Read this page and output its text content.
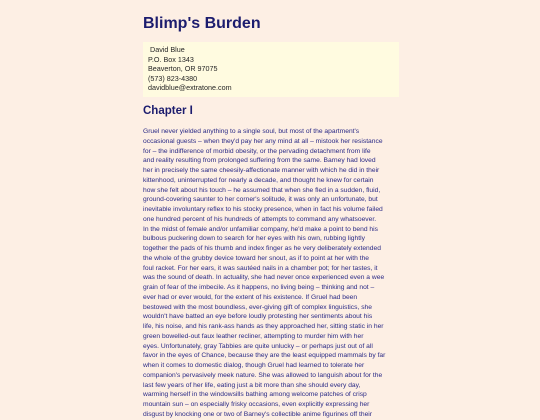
Blimp's Burden
David Blue
P.O. Box 1343
Beaverton, OR 97075
(573) 823-4380
davidblue@extratone.com
Chapter I
Gruel never yielded anything to a single soul, but most of the apartment's
occasional guests – when they'd pay her any mind at all – mistook her resistance
for – the indifference of morbid obesity, or the pervading detachment from life
and reality resulting from prolonged suffering from the same. Barney had loved
her in precisely the same cheesily-affectionate manner with which he did in their
kittenhood, uninterrupted for nearly a decade, and thought he knew for certain
how she felt about his touch – he assumed that when she fled in a sudden, fluid,
ground-covering saunter to her corner's solitude, it was only an unfortunate, but
inevitable involuntary reflex to his stocky presence, when in fact his volume failed
one hundred percent of his hundreds of attempts to command any whatsoever.
In the midst of female and/or unfamiliar company, he'd make a point to bend his
bulbous puckering down to search for her eyes with his own, rubbing lightly
together the pads of his thumb and index finger as he very deliberately extended
the whole of the grubby device toward her snout, as if to point at her with the
foul racket. For her ears, it was sautéed nails in a chamber pot; for her tastes, it
was the sound of death. In actuality, she had never once experienced even a wee
grain of fear of the imbecile. As it happens, no living being – thinking and not –
ever had or ever would, for the extent of his existence. If Gruel had been
bestowed with the most boundless, ever-giving gift of complex linguistics, she
wouldn't have batted an eye before loudly protesting her sentiments about his
life, his noise, and his rank-ass hands as they approached her, sitting static in her
green bowelled-out faux leather recliner, attempting to murder him with her
eyes. Unfortunately, gray Tabbies are quite unlucky – or perhaps just out of all
favor in the eyes of Chance, because they are the least equipped mammals by far
when it comes to domestic dialog, though Gruel had learned to tolerate her
companion's pervasively meek nature. She was allowed to languish about for the
last few years of her life, eating just a bit more than she should every day,
warming herself in the windowsills bathing among welcome patches of crisp
mountain sun – on especially frisky occasions, even explicitly expressing her
disgust by knocking one or two of Barney's collectible anime figurines off their
